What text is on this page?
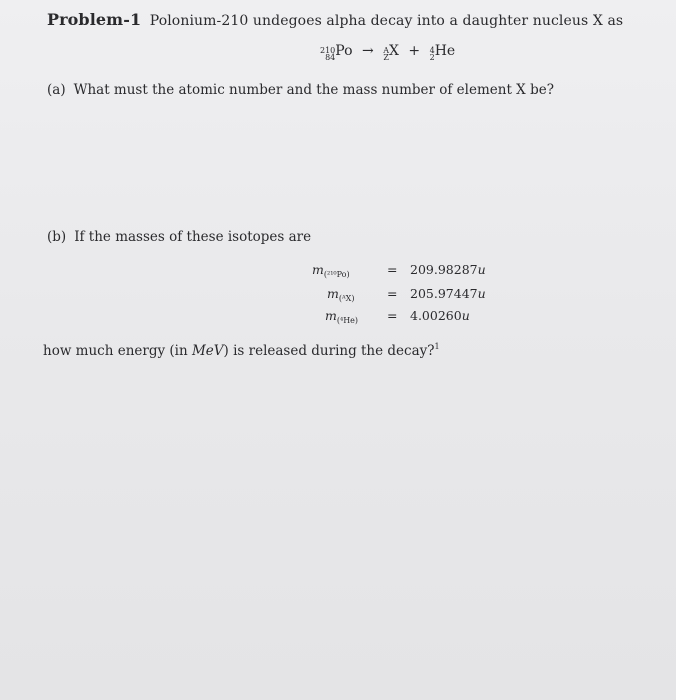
Problem-1 Polonium-210 undegoes alpha decay into a daughter nucleus X as
210
84 Po → A
Z X + 4
2 He
(a) What must the atomic number and the mass number of element X be?
(b) If the masses of these isotopes are
$m_{(^{210}Po)}$	= 209.98287u
$m_{(ᴬX)}$	= 205.97447u
$m_{(^4He)} = 4.00260u$
how much energy (in MeV) is released during the decay?$^1$
